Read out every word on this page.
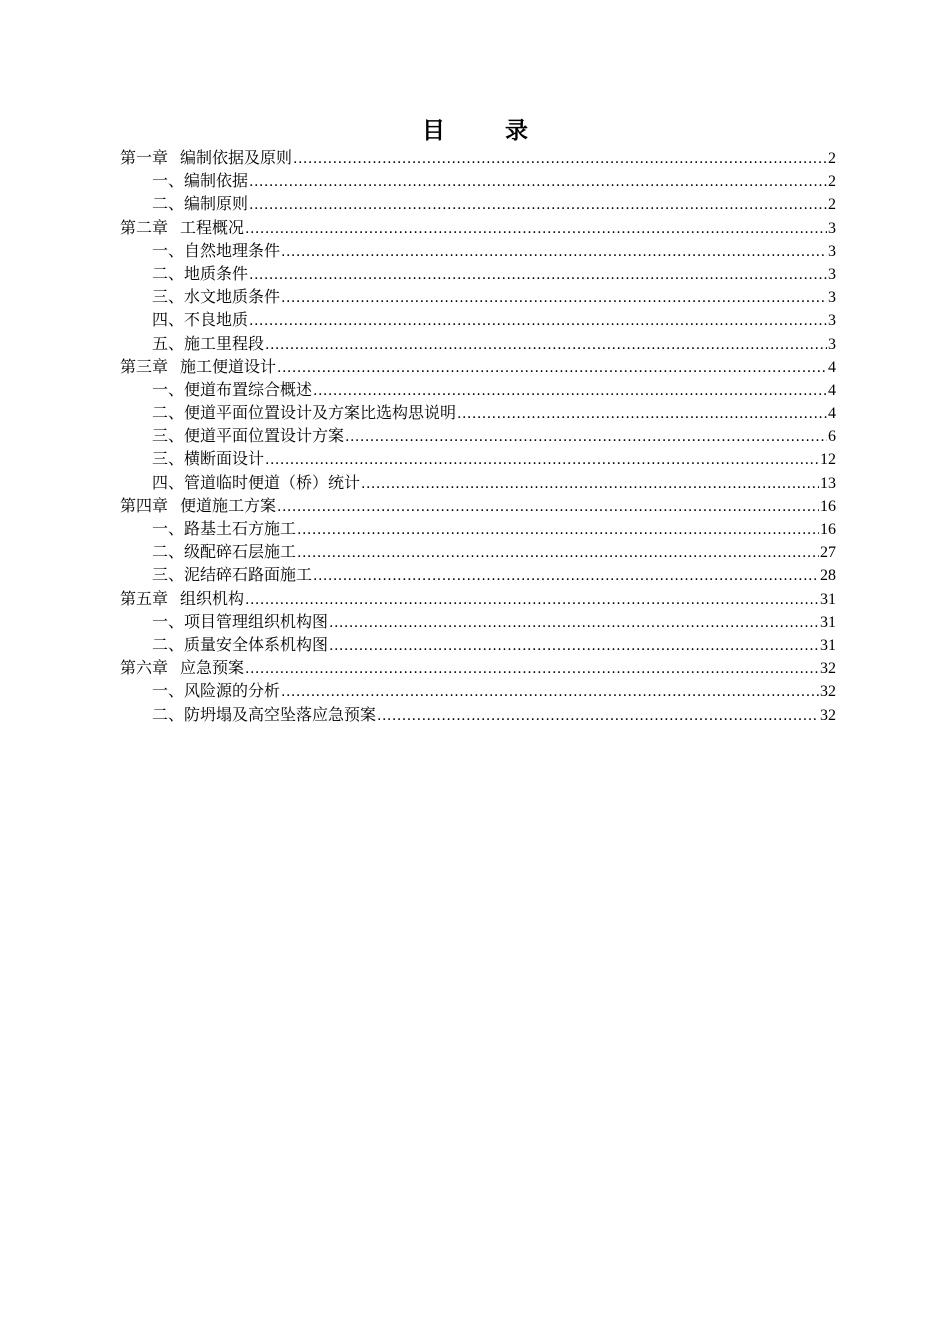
目 录
第一章 编制依据及原则 .....	2
一、 编制依据 .....	2
二、 编制原则 .....	2
第二章 工程概况 .....	3
一、 自然地理条件 .....	3
二、 地质条件 .....	3
三、 水文地质条件 .....	3
四、 不良地质 .....	3
五、 施工里程段 .....	3
第三章 施工便道设计 .....	4
一、 便道布置综合概述 .....	4
二、 便道平面位置设计及方案比选构思说明 .....	4
三、 便道平面位置设计方案 .....	6
三、 横断面设计 .....	12
四、 管道临时便道（桥）统计 .....	13
第四章 便道施工方案 .....	16
一、 路基土石方施工 .....	16
二、 级配碎石层施工 .....	27
三、 泥结碎石路面施工 .....	28
第五章 组织机构 .....	31
一、 项目管理组织机构图 .....	31
二、 质量安全体系机构图 .....	31
第六章 应急预案 .....	32
一、 风险源的分析 .....	32
二、 防坍塌及高空坠落应急预案 .....	32
